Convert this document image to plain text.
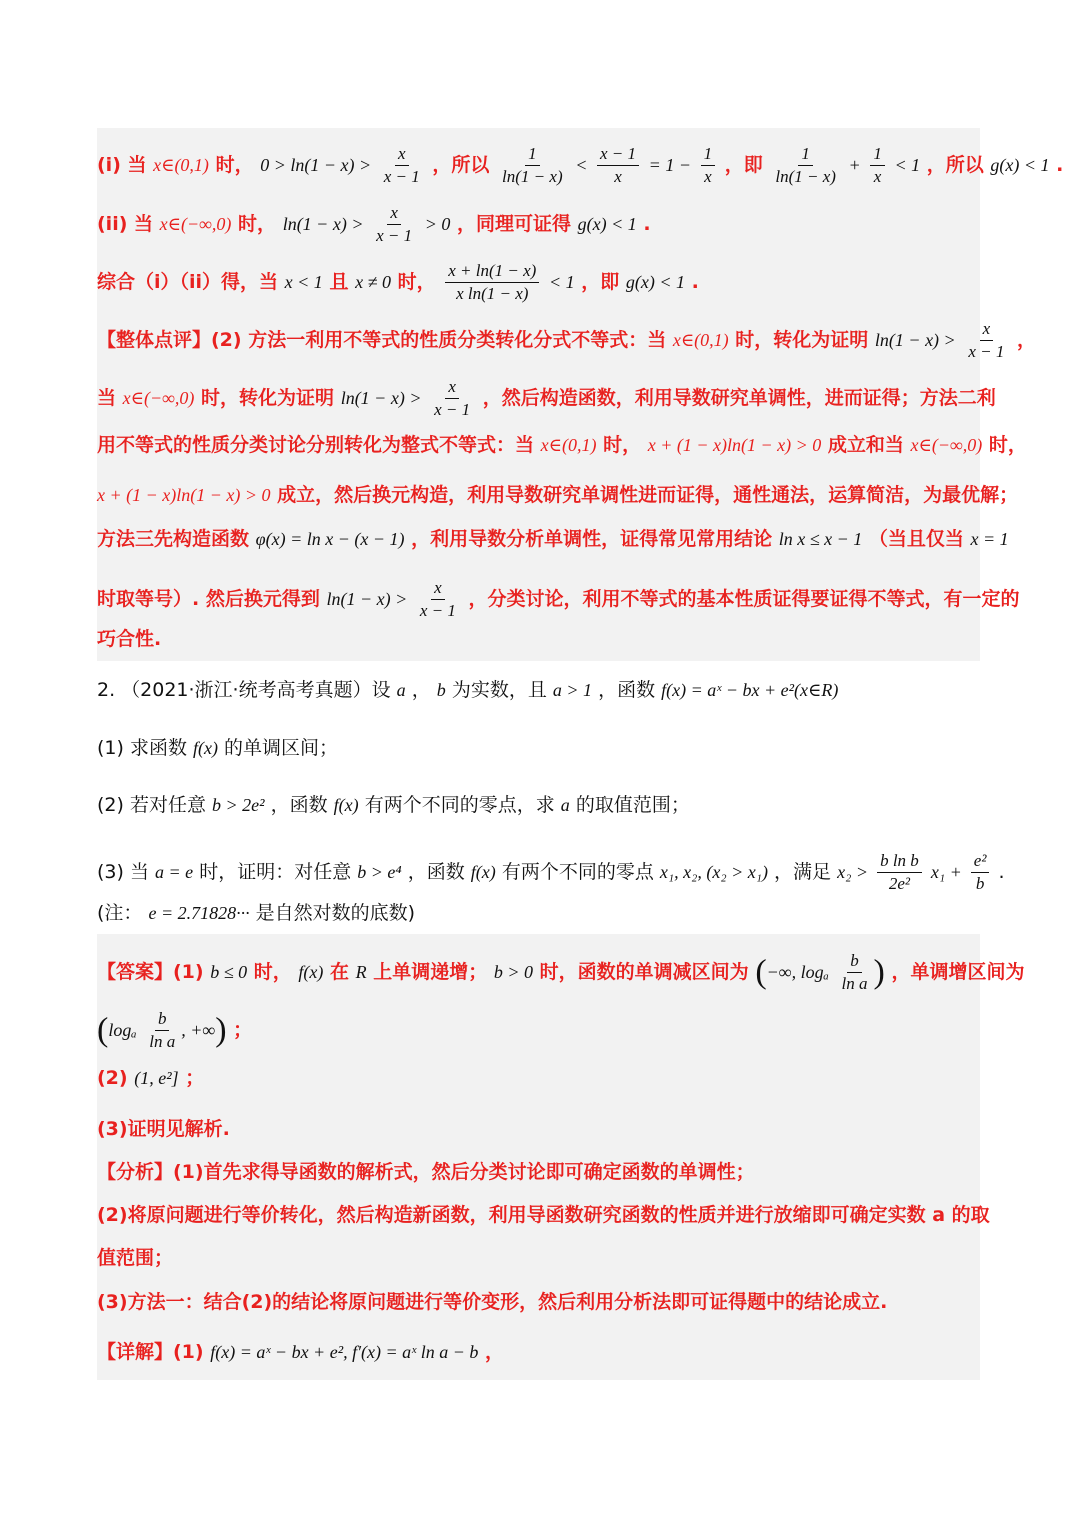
(i) 当 x∈(0,1) 时， $0 > \ln(1 - x) > \frac{x}{x - 1}$ ，所以 $\frac{1}{\ln(1 - x)} < \frac{x - 1}{x} = 1 - \frac{1}{x}$ ，即 $\frac{1}{\ln(1 - x)} + \frac{1}{x} < 1$ ，所以 g(x) < 1 .
(ii) 当 x∈(−∞,0) 时， $\ln(1 - x) > \frac{x}{x - 1} > 0$ ，同理可证得 g(x) < 1 .
综合（i）（ii）得，当 x < 1 且 x ≠ 0 时， $\frac{x + \ln(1 - x)}{\text{x ln(1 − x)}} < 1$ ，即 g(x) < 1 .
【整体点评】(2) 方法一利用不等式的性质分类转化分式不等式：当 x∈(0,1) 时，转化为证明 $\ln(1 - x) > \frac{x}{x - 1}$ ，
当 x∈(−∞,0) 时，转化为证明 $\ln(1 - x) > \frac{x}{x - 1}$ ，然后构造函数，利用导数研究单调性，进而证得；方法二利
用不等式的性质分类讨论分别转化为整式不等式：当 x∈(0,1) 时， x + (1 − x)ln(1 − x) > 0 成立和当 x∈(−∞,0) 时，
x + (1 − x)ln(1 − x) > 0 成立，然后换元构造，利用导数研究单调性进而证得，通性通法，运算简洁，为最优解；
方法三先构造函数 φ(x) = ln x − (x − 1) ，利用导数分析单调性，证得常见常用结论 ln x ≤ x − 1 （当且仅当 x = 1
时取等号）. 然后换元得到 $\ln(1 - x) > \frac{x}{x - 1}$ ，分类讨论，利用不等式的基本性质证得要证得不等式，有一定的
巧合性.
2. （2021·浙江·统考高考真题）设 a ， b 为实数，且 a > 1 ，函数 f(x) = aˣ − bx + e²(x∈R)
(1) 求函数 f(x) 的单调区间；
(2) 若对任意 b > 2e² ，函数 f(x) 有两个不同的零点，求 a 的取值范围；
(3) 当 a = e 时，证明：对任意 b > e⁴ ，函数 f(x) 有两个不同的零点 x₁, x₂, (x₂ > x₁) ，满足 $x_2 > \frac{\text{b ln b}}{\text{2e²}} x_1 + \frac{\text{e²}}{b}$ .
(注： e = 2.71828··· 是自然对数的底数)
【答案】(1) b ≤ 0 时， f(x) 在 R 上单调递增； b > 0 时，函数的单调减区间为 (−∞, logₐ $\frac{b}{\text{ln a}}$ ) ，单调增区间为
($\log_a \frac{b}{\text{ln a}}$ , +∞) ；
(2) (1, e²] ；
(3)证明见解析.
【分析】(1)首先求得导函数的解析式，然后分类讨论即可确定函数的单调性；
(2)将原问题进行等价转化，然后构造新函数，利用导函数研究函数的性质并进行放缩即可确定实数 a 的取
值范围；
(3)方法一：结合(2)的结论将原问题进行等价变形，然后利用分析法即可证得题中的结论成立.
【详解】(1) f(x) = aˣ − bx + e², f′(x) = aˣ ln a − b ，
